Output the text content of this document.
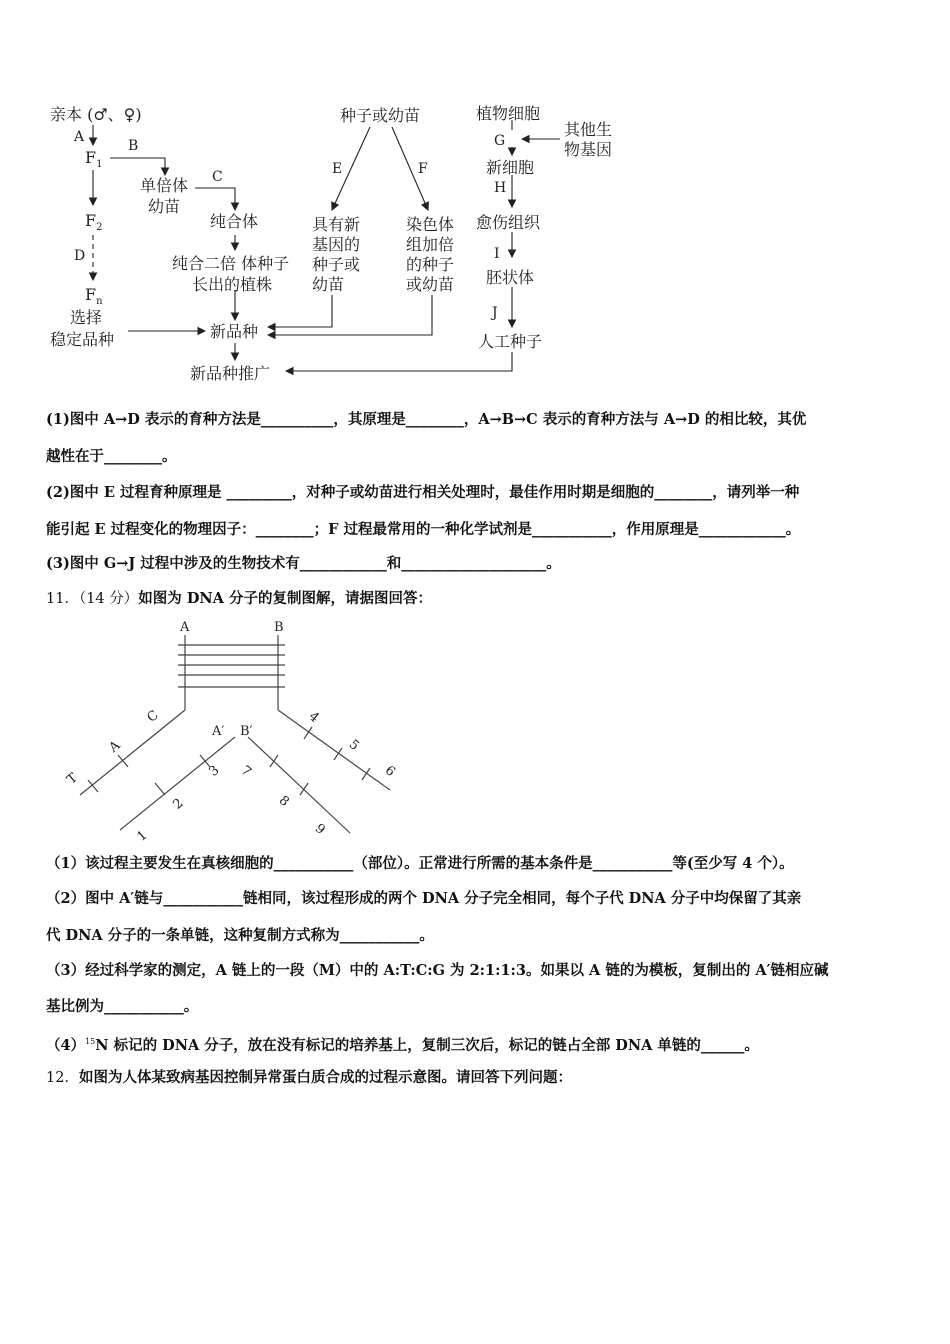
亲本 (♂、♀)
A
$F_1$
B
$F_2$
D
$F_n$
选择
稳定品种
单倍体
幼苗
C
纯合体
纯合二倍 体种子
长出的植株
新品种
新品种推广
种子或幼苗
E	F
具有新
基因的
种子或
幼苗
染色体
组加倍
的种子
或幼苗
植物细胞
G
其他生
物基因
新细胞
H
愈伤组织
I
胚状体
J
人工种子
(1)图中 A→D 表示的育种方法是__________，其原理是________，A→B→C 表示的育种方法与 A→D 的相比较，其优
越性在于________。
(2)图中 E 过程育种原理是 _________，对种子或幼苗进行相关处理时，最佳作用时期是细胞的________，请列举一种
能引起 E 过程变化的物理因子：________；F 过程最常用的一种化学试剂是___________，作用原理是____________。
(3)图中 G→J 过程中涉及的生物技术有____________和____________________。
11．（14 分）如图为 DNA 分子的复制图解，请据图回答：
A	B
A′ B′
T
A
C
1
2
3
4
5
6
7
8
9
（1）该过程主要发生在真核细胞的___________（部位）。正常进行所需的基本条件是___________等(至少写 4 个）。
（2）图中 A′链与___________链相同，该过程形成的两个 DNA 分子完全相同，每个子代 DNA 分子中均保留了其亲
代 DNA 分子的一条单链，这种复制方式称为___________。
（3）经过科学家的测定，A 链上的一段（M）中的 A:T:C:G 为 2:1:1:3。如果以 A 链的为模板，复制出的 A′链相应碱
基比例为___________。
$(4)^{15}N$ 标记的 DNA 分子，放在没有标记的培养基上，复制三次后，标记的链占全部 DNA 单链的______。
12．如图为人体某致病基因控制异常蛋白质合成的过程示意图。请回答下列问题：
